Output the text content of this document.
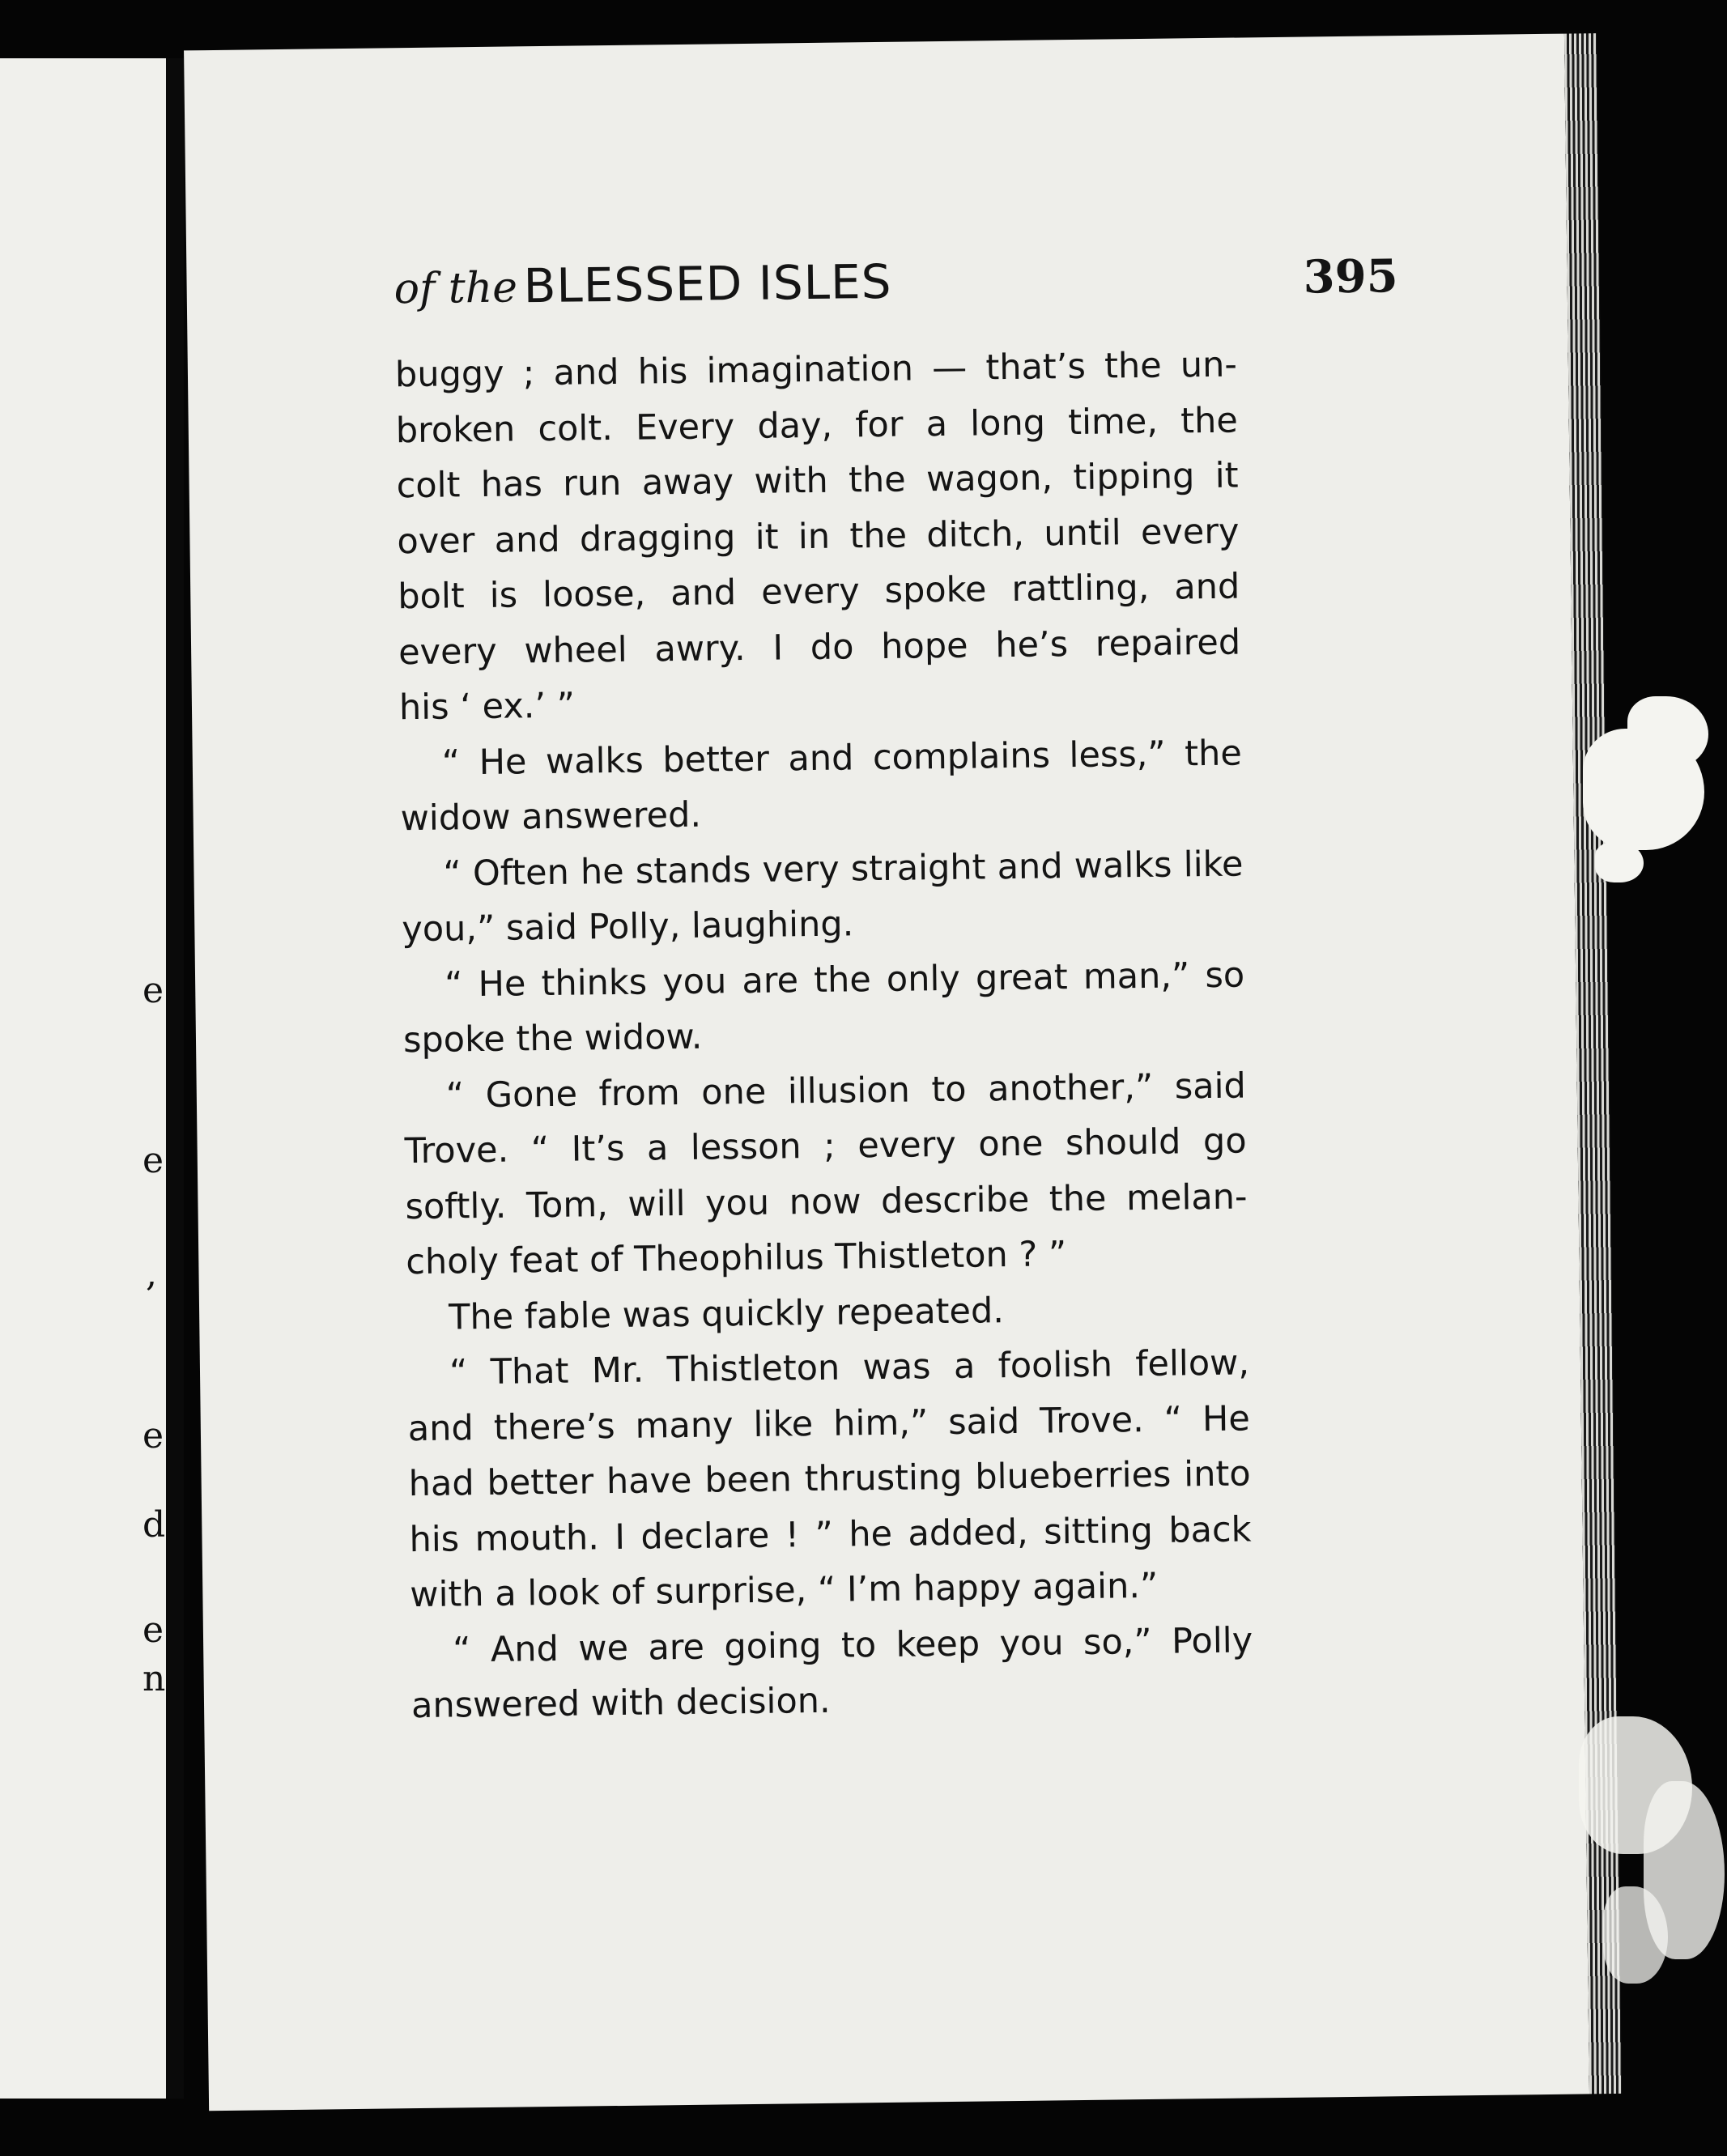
e
e
,
e
d
e
n
of the BLESSED ISLES	395
buggy ; and his imagination — that’s the un-
broken colt. Every day, for a long time, the
colt has run away with the wagon, tipping it
over and dragging it in the ditch, until every
bolt is loose, and every spoke rattling, and
every wheel awry. I do hope he’s repaired
his ‘ ex.’ ”
“ He walks better and complains less,” the
widow answered.
“ Often he stands very straight and walks like
you,” said Polly, laughing.
“ He thinks you are the only great man,” so
spoke the widow.
“ Gone from one illusion to another,” said
Trove. “ It’s a lesson ; every one should go
softly. Tom, will you now describe the melan-
choly feat of Theophilus Thistleton ? ”
The fable was quickly repeated.
“ That Mr. Thistleton was a foolish fellow,
and there’s many like him,” said Trove. “ He
had better have been thrusting blueberries into
his mouth. I declare ! ” he added, sitting back
with a look of surprise, “ I’m happy again.”
“ And we are going to keep you so,” Polly
answered with decision.
